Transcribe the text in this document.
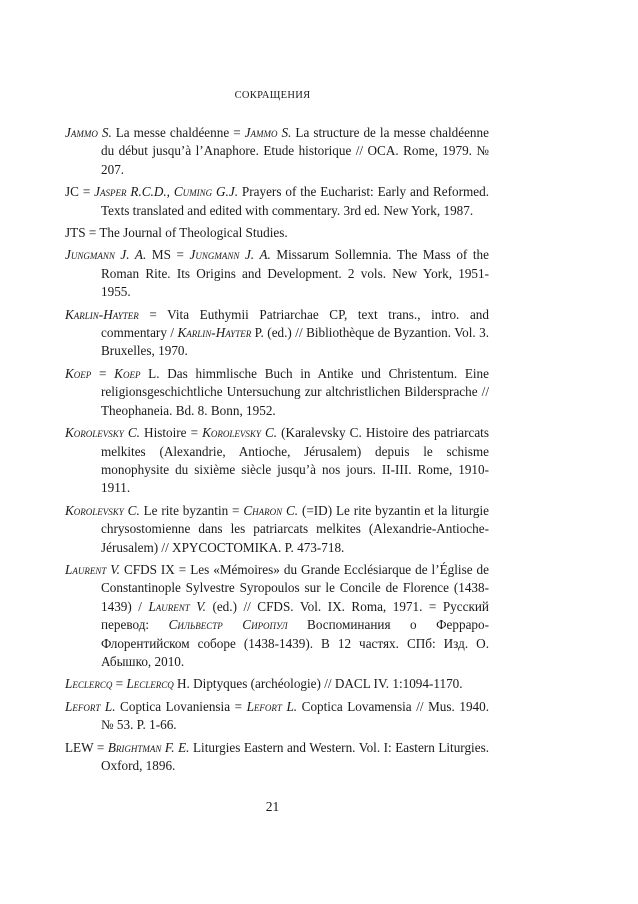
СОКРАЩЕНИЯ

Jammo S. La messe chaldéenne = Jammo S. La structure de la messe chaldéenne du début jusqu’à l’Anaphore. Etude historique // OCA. Rome, 1979. № 207.

JC = Jasper R.C.D., Cuming G.J. Prayers of the Eucharist: Early and Reformed. Texts translated and edited with commentary. 3rd ed. New York, 1987.

JTS = The Journal of Theological Studies.

Jungmann J. A. MS = Jungmann J. A. Missarum Sollemnia. The Mass of the Roman Rite. Its Origins and Development. 2 vols. New York, 1951-1955.

Karlin-Hayter = Vita Euthymii Patriarchae CP, text trans., intro. and commentary / Karlin-Hayter P. (ed.) // Bibliothèque de Byzantion. Vol. 3. Bruxelles, 1970.

Koep = Koep L. Das himmlische Buch in Antike und Christentum. Eine religionsgeschichtliche Untersuchung zur altchristlichen Bildersprache // Theophaneia. Bd. 8. Bonn, 1952.

Korolevsky C. Histoire = Korolevsky C. (Karalevsky C. Histoire des patriarcats melkites (Alexandrie, Antioche, Jérusalem) depuis le schisme monophysite du sixième siècle jusqu’à nos jours. II-III. Rome, 1910-1911.

Korolevsky C. Le rite byzantin = Charon C. (=ID) Le rite byzantin et la liturgie chrysostomienne dans les patriarcats melkites (Alexandrie-Antioche-Jérusalem) // ΧΡΥCΟCΤΟΜΙΚΑ. P. 473-718.

Laurent V. CFDS IX = Les «Mémoires» du Grande Ecclésiarque de l’Église de Constantinople Sylvestre Syropoulos sur le Concile de Florence (1438-1439) / Laurent V. (ed.) // CFDS. Vol. IX. Roma, 1971. = Русский перевод: Сильвестр Сиропул Воспоминания о Ферраро-Флорентийском соборе (1438-1439). В 12 частях. СПб: Изд. О. Абышко, 2010.

Leclercq = Leclercq H. Diptyques (archéologie) // DACL IV. 1:1094-1170.

Lefort L. Coptica Lovaniensia = Lefort L. Coptica Lovamensia // Mus. 1940. № 53. P. 1-66.

LEW = Brightman F. E. Liturgies Eastern and Western. Vol. I: Eastern Liturgies. Oxford, 1896.

21
